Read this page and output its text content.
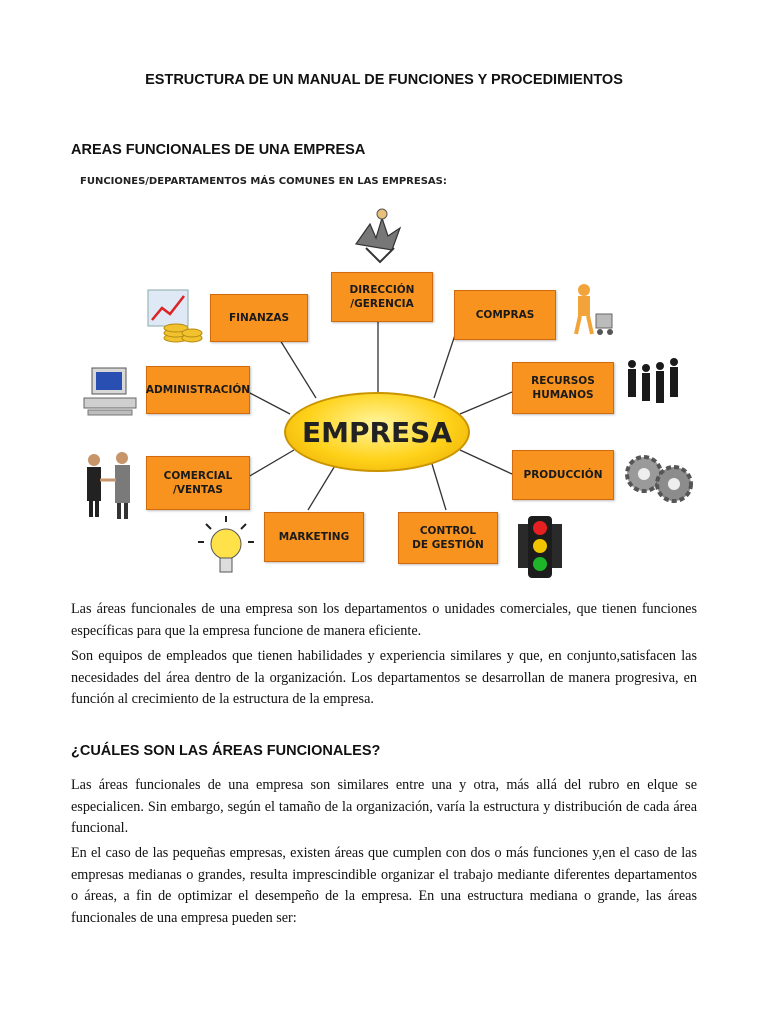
ESTRUCTURA DE UN MANUAL DE FUNCIONES Y PROCEDIMIENTOS
AREAS FUNCIONALES DE UNA EMPRESA
FUNCIONES/DEPARTAMENTOS MÁS COMUNES EN LAS EMPRESAS:
DIRECCIÓN
/GERENCIA
FINANZAS	COMPRAS
ADMINISTRACIÓN
RECURSOS
HUMANOS
COMERCIAL
/VENTAS
PRODUCCIÓN
MARKETING	CONTROL
DE GESTIÓN
EMPRESA

Las áreas funcionales de una empresa son los departamentos o unidades comerciales, que tienen funciones específicas para que la empresa funcione de manera eficiente.

Son equipos de empleados que tienen habilidades y experiencia similares y que, en conjunto,satisfacen las necesidades del área dentro de la organización. Los departamentos se desarrollan de manera progresiva, en función al crecimiento de la estructura de la empresa.

¿CUÁLES SON LAS ÁREAS FUNCIONALES?

Las áreas funcionales de una empresa son similares entre una y otra, más allá del rubro en elque se especialicen. Sin embargo, según el tamaño de la organización, varía la estructura y distribución de cada área funcional.

En el caso de las pequeñas empresas, existen áreas que cumplen con dos o más funciones y,en el caso de las empresas medianas o grandes, resulta imprescindible organizar el trabajo mediante diferentes departamentos o áreas, a fin de optimizar el desempeño de la empresa. En una estructura mediana o grande, las áreas funcionales de una empresa pueden ser:
